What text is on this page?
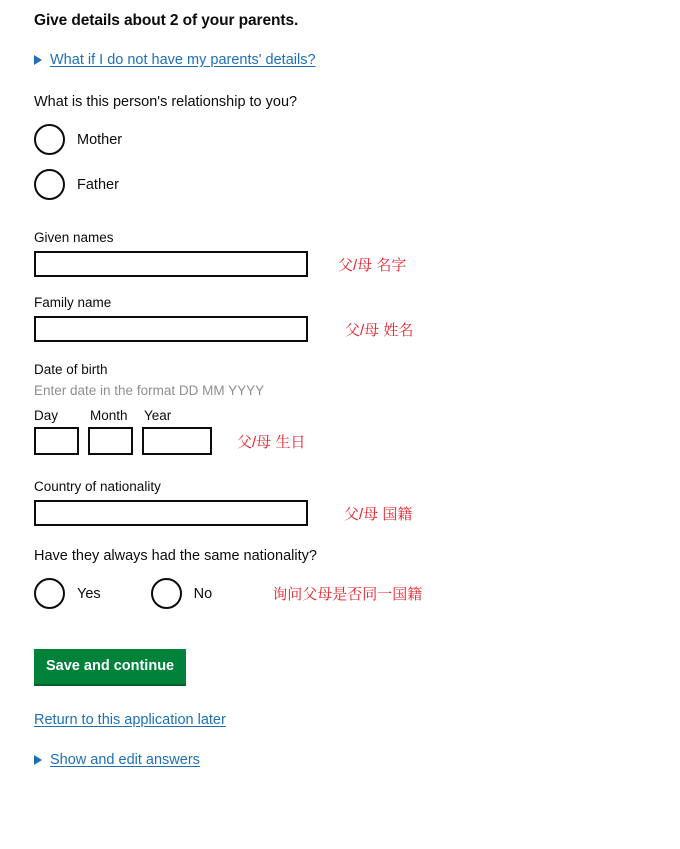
Give details about 2 of your parents.
What if I do not have my parents' details?

What is this person's relationship to you?

Mother
Father
Given names
父/母 名字
Family name
父/母 姓名
Date of birth
Enter date in the format DD MM YYYY
Day	Month	Year
父/母 生日
Country of nationality
父/母 国籍
Have they always had the same nationality?
Yes	No	询问父母是否同一国籍
Save and continue
Return to this application later
Show and edit answers
